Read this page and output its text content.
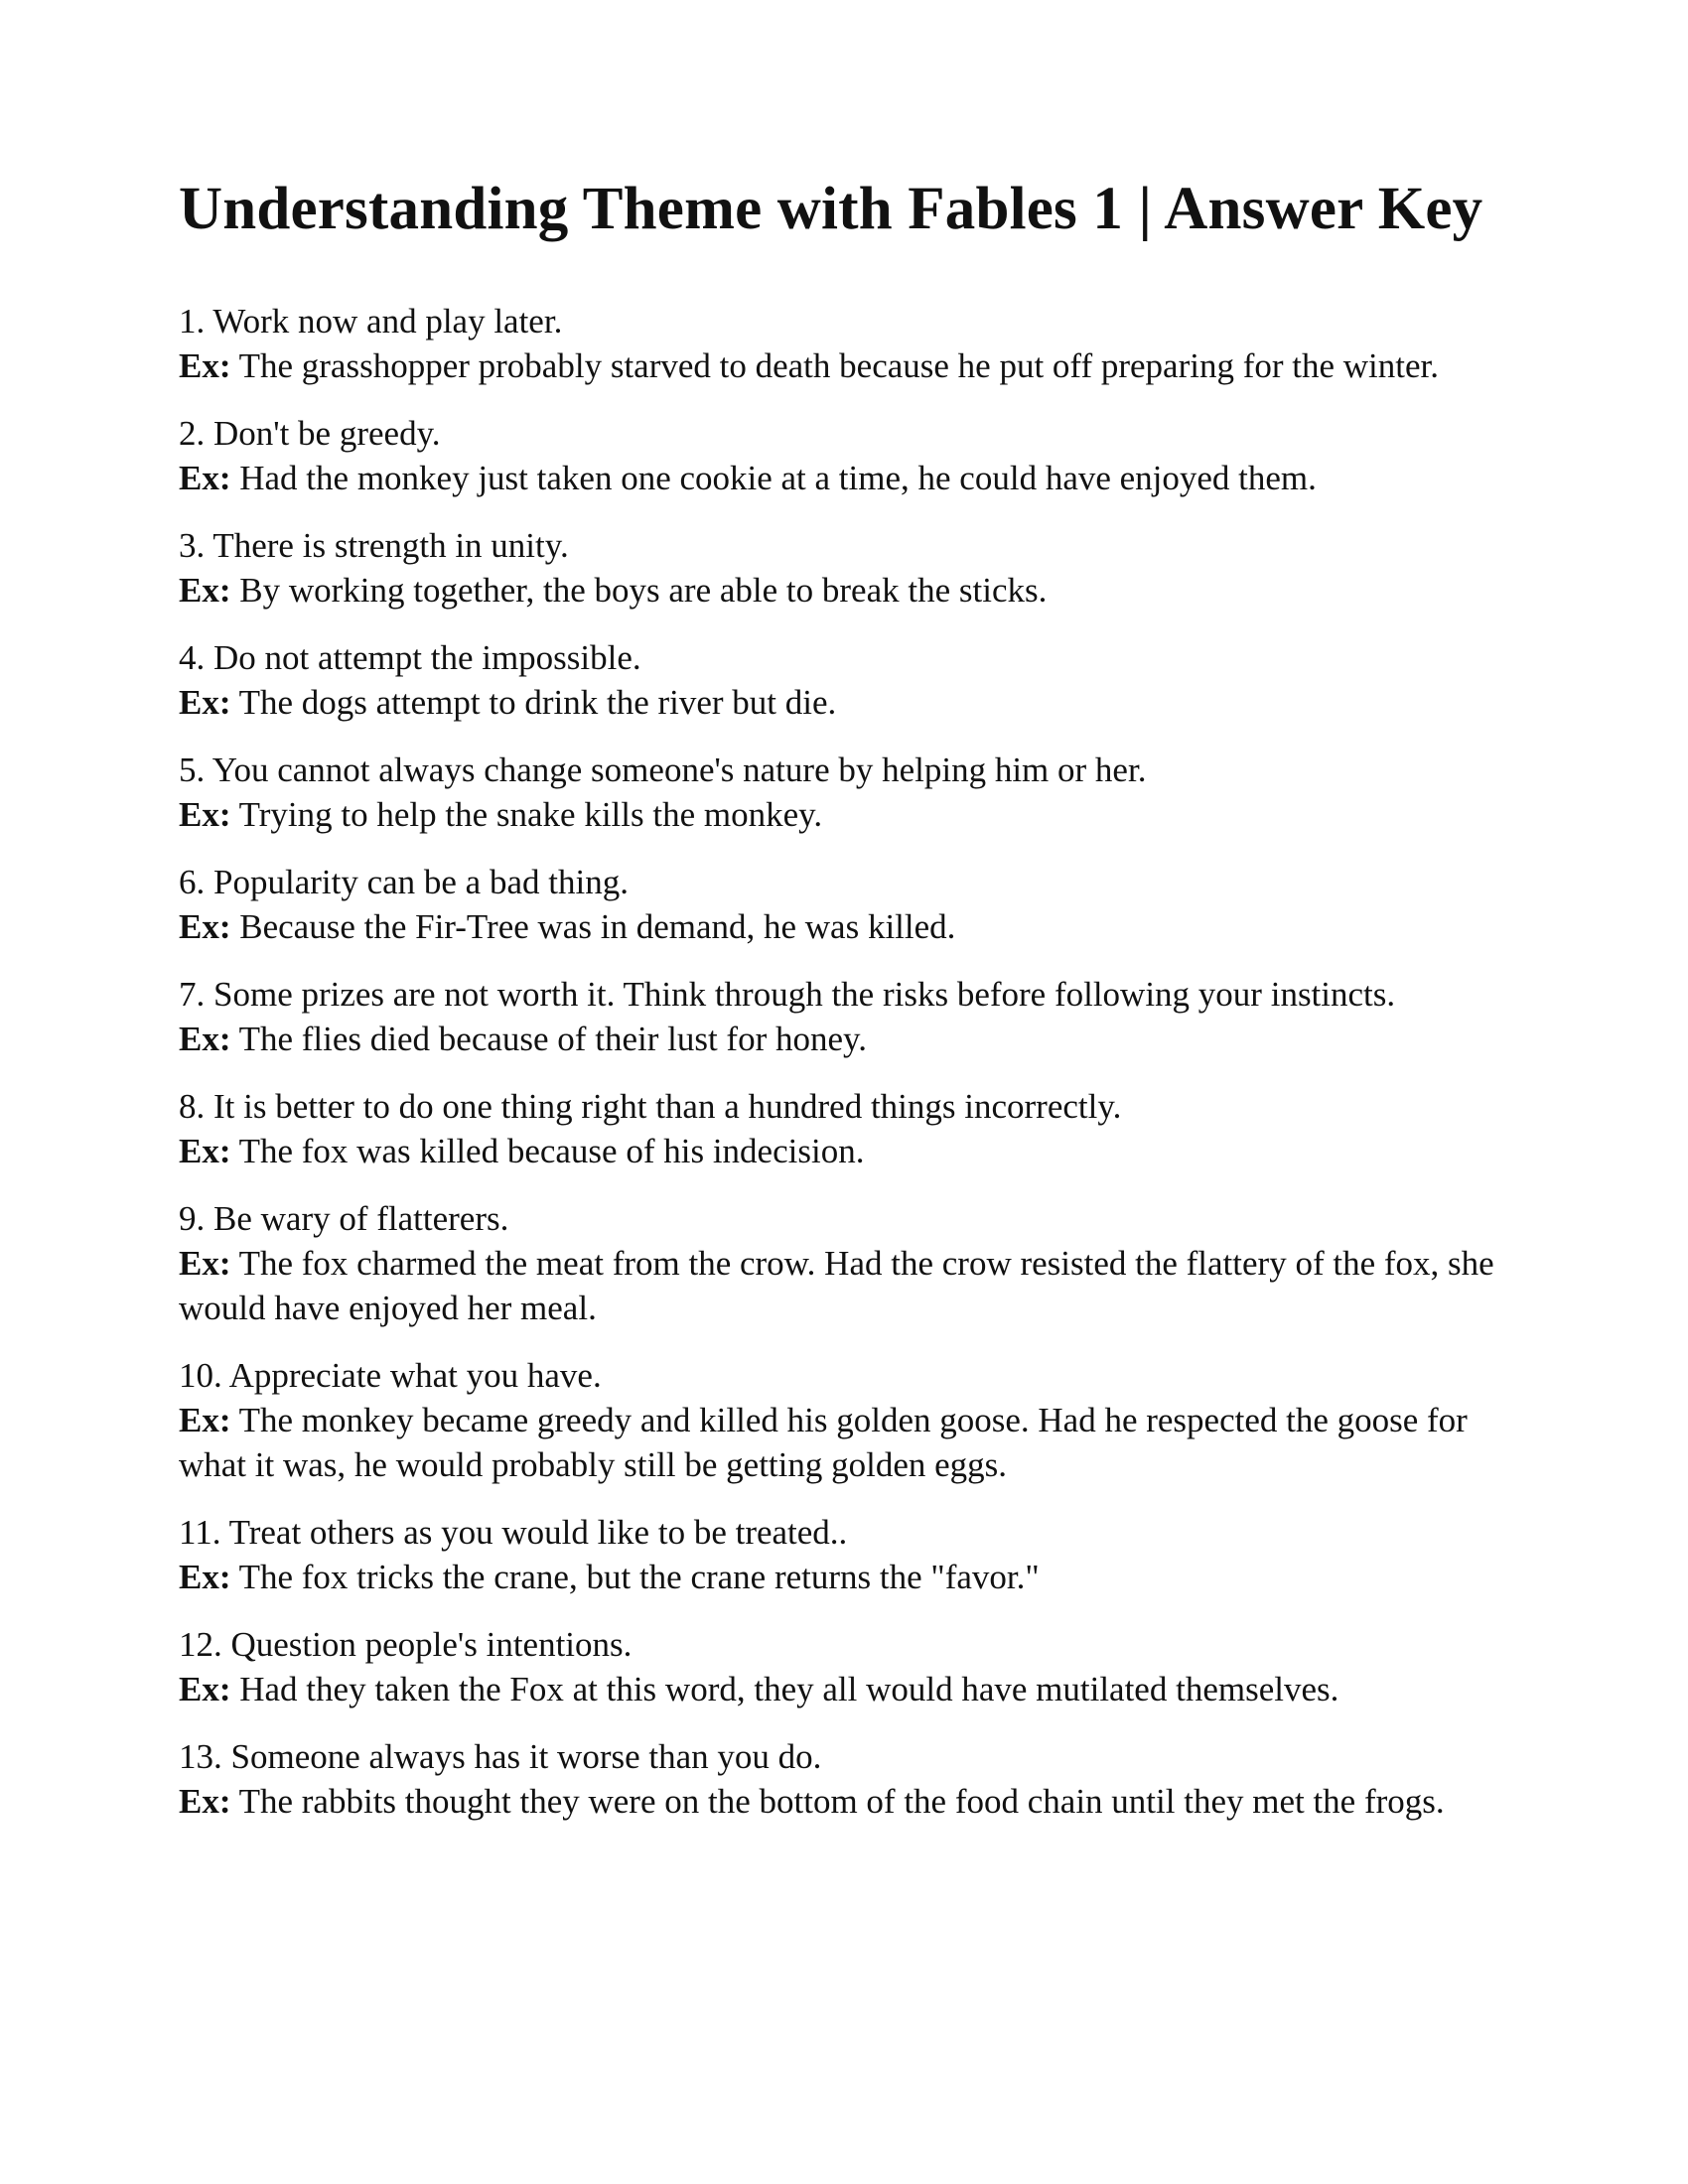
Understanding Theme with Fables 1 | Answer Key
1. Work now and play later.
Ex: The grasshopper probably starved to death because he put off preparing for the winter.
2. Don't be greedy.
Ex: Had the monkey just taken one cookie at a time, he could have enjoyed them.
3. There is strength in unity.
Ex: By working together, the boys are able to break the sticks.
4. Do not attempt the impossible.
Ex: The dogs attempt to drink the river but die.
5. You cannot always change someone's nature by helping him or her.
Ex: Trying to help the snake kills the monkey.
6. Popularity can be a bad thing.
Ex: Because the Fir-Tree was in demand, he was killed.
7. Some prizes are not worth it. Think through the risks before following your instincts.
Ex: The flies died because of their lust for honey.
8. It is better to do one thing right than a hundred things incorrectly.
Ex: The fox was killed because of his indecision.
9. Be wary of flatterers.
Ex: The fox charmed the meat from the crow. Had the crow resisted the flattery of the fox, she would have enjoyed her meal.
10. Appreciate what you have.
Ex: The monkey became greedy and killed his golden goose. Had he respected the goose for what it was, he would probably still be getting golden eggs.
11. Treat others as you would like to be treated..
Ex: The fox tricks the crane, but the crane returns the "favor."
12. Question people's intentions.
Ex: Had they taken the Fox at this word, they all would have mutilated themselves.
13. Someone always has it worse than you do.
Ex: The rabbits thought they were on the bottom of the food chain until they met the frogs.
